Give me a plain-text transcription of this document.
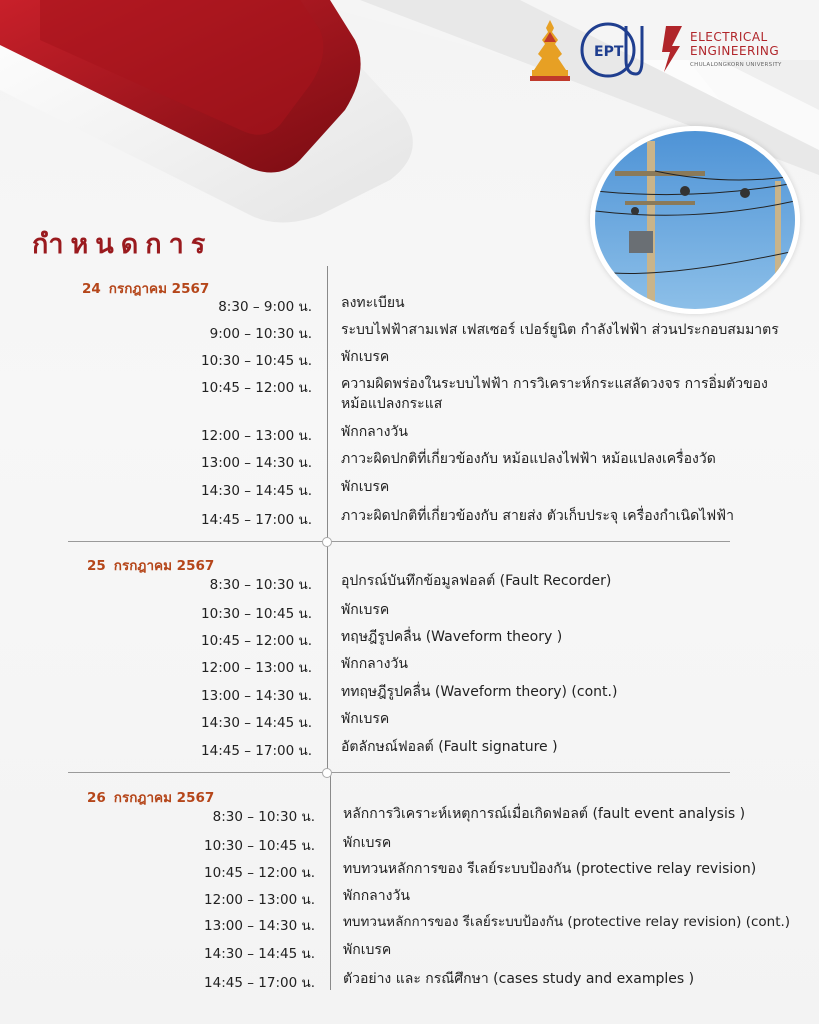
EPT
ELECTRICAL
ENGINEERING
CHULALONGKORN UNIVERSITY
กำหนดการ
24 กรกฎาคม 2567
8:30 – 9:00 น. ลงทะเบียน
9:00 – 10:30 น. ระบบไฟฟ้าสามเฟส เฟสเซอร์ เปอร์ยูนิต กำลังไฟฟ้า ส่วนประกอบสมมาตร
10:30 – 10:45 น. พักเบรค
10:45 – 12:00 น. ความผิดพร่องในระบบไฟฟ้า การวิเคราะห์กระแสลัดวงจร การอิ่มตัวของ
หม้อแปลงกระแส
12:00 – 13:00 น. พักกลางวัน
13:00 – 14:30 น. ภาวะผิดปกติที่เกี่ยวข้องกับ หม้อแปลงไฟฟ้า หม้อแปลงเครื่องวัด
14:30 – 14:45 น. พักเบรค
14:45 – 17:00 น. ภาวะผิดปกติที่เกี่ยวข้องกับ สายส่ง ตัวเก็บประจุ เครื่องกำเนิดไฟฟ้า
25 กรกฎาคม 2567
8:30 – 10:30 น. อุปกรณ์บันทึกข้อมูลฟอลต์ (Fault Recorder)
10:30 – 10:45 น. พักเบรค
10:45 – 12:00 น. ทฤษฎีรูปคลื่น (Waveform theory )
12:00 – 13:00 น. พักกลางวัน
13:00 – 14:30 น. ททฤษฎีรูปคลื่น (Waveform theory) (cont.)
14:30 – 14:45 น. พักเบรค
14:45 – 17:00 น. อัตลักษณ์ฟอลต์ (Fault signature )
26 กรกฎาคม 2567
8:30 – 10:30 น. หลักการวิเคราะห์เหตุการณ์เมื่อเกิดฟอลต์ (fault event analysis )
10:30 – 10:45 น. พักเบรค
10:45 – 12:00 น. ทบทวนหลักการของ รีเลย์ระบบป้องกัน (protective relay revision)
12:00 – 13:00 น. พักกลางวัน
13:00 – 14:30 น. ทบทวนหลักการของ รีเลย์ระบบป้องกัน (protective relay revision) (cont.)
14:30 – 14:45 น. พักเบรค
14:45 – 17:00 น. ตัวอย่าง และ กรณีศึกษา (cases study and examples )
